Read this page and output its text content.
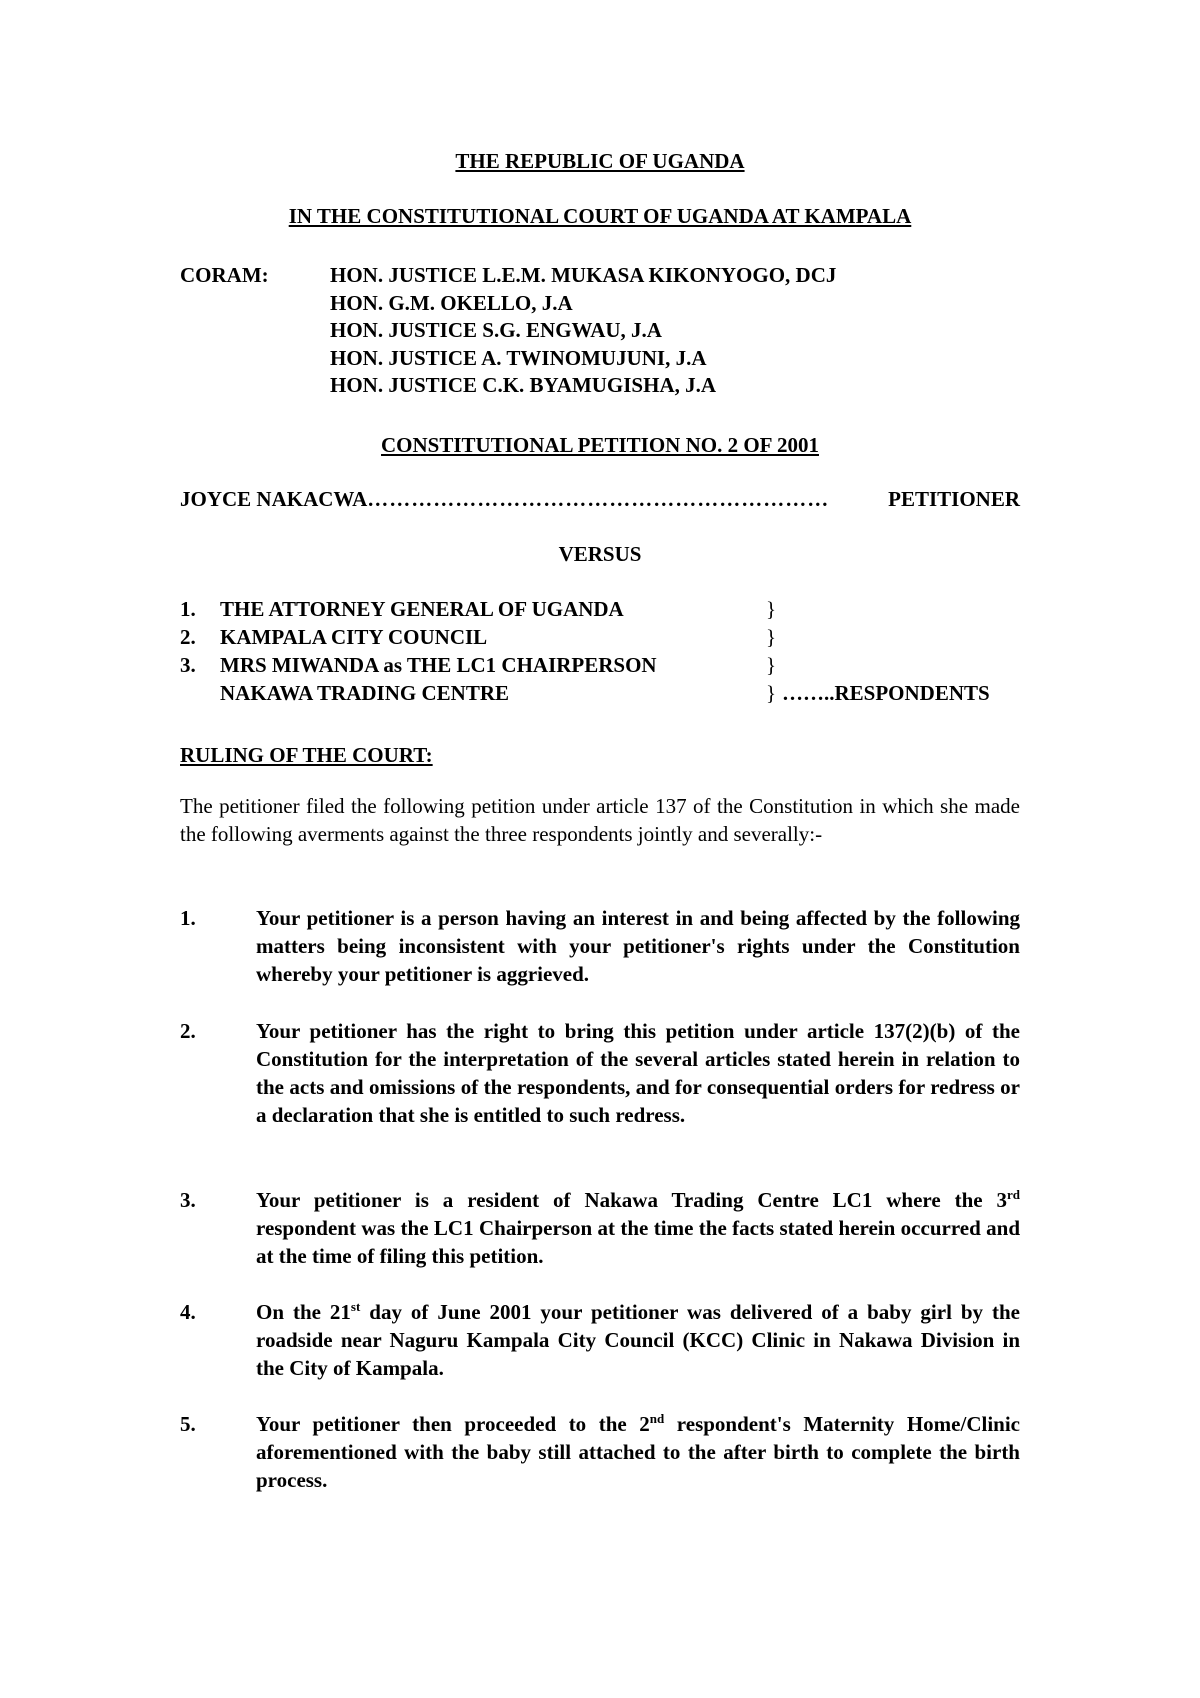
THE REPUBLIC OF UGANDA
IN THE CONSTITUTIONAL COURT OF UGANDA AT KAMPALA
CORAM:	HON. JUSTICE L.E.M. MUKASA KIKONYOGO, DCJ
HON. G.M. OKELLO, J.A
HON. JUSTICE S.G. ENGWAU, J.A
HON. JUSTICE A. TWINOMUJUNI, J.A
HON. JUSTICE C.K. BYAMUGISHA, J.A
CONSTITUTIONAL PETITION NO. 2 OF 2001
JOYCE NAKACWA ………………………………………………………	PETITIONER
VERSUS
1. THE ATTORNEY GENERAL OF UGANDA	}
2. KAMPALA CITY COUNCIL	}
3. MRS MIWANDA as THE LC1 CHAIRPERSON	}
NAKAWA TRADING CENTRE	} ……..RESPONDENTS
RULING OF THE COURT:
The petitioner filed the following petition under article 137 of the Constitution in which she made the following averments against the three respondents jointly and severally:-
1.	Your petitioner is a person having an interest in and being affected by the following matters being inconsistent with your petitioner's rights under the Constitution whereby your petitioner is aggrieved.
2.	Your petitioner has the right to bring this petition under article 137(2)(b) of the Constitution for the interpretation of the several articles stated herein in relation to the acts and omissions of the respondents, and for consequential orders for redress or a declaration that she is entitled to such redress.
3.	Your petitioner is a resident of Nakawa Trading Centre LC1 where the 3rd respondent was the LC1 Chairperson at the time the facts stated herein occurred and at the time of filing this petition.
4.	On the 21st day of June 2001 your petitioner was delivered of a baby girl by the roadside near Naguru Kampala City Council (KCC) Clinic in Nakawa Division in the City of Kampala.
5.	Your petitioner then proceeded to the 2nd respondent's Maternity Home/Clinic aforementioned with the baby still attached to the after birth to complete the birth process.
